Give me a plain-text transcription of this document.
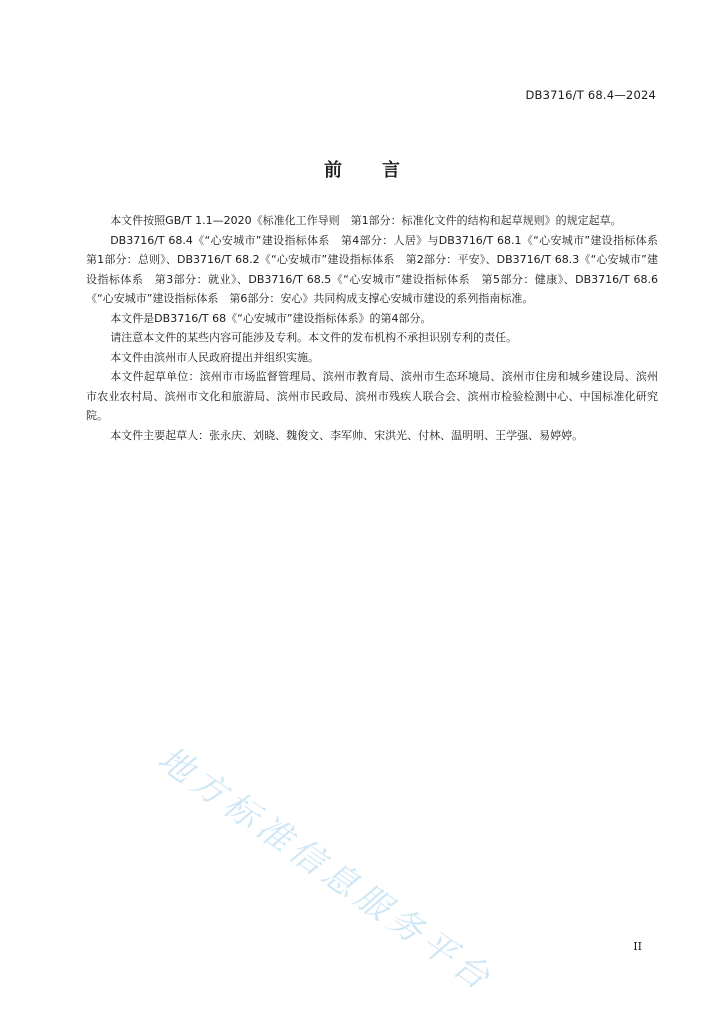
DB3716/T 68.4—2024
前言

本文件按照GB/T 1.1—2020《标准化工作导则　第1部分：标准化文件的结构和起草规则》的规定起草。

DB3716/T 68.4《“心安城市”建设指标体系　第4部分：人居》与DB3716/T 68.1《“心安城市”建设指标体系　第1部分：总则》、DB3716/T 68.2《“心安城市”建设指标体系　第2部分：平安》、DB3716/T 68.3《“心安城市”建设指标体系　第3部分：就业》、DB3716/T 68.5《“心安城市”建设指标体系　第5部分：健康》、DB3716/T 68.6《“心安城市”建设指标体系　第6部分：安心》共同构成支撑心安城市建设的系列指南标准。

本文件是DB3716/T 68《“心安城市”建设指标体系》的第4部分。

请注意本文件的某些内容可能涉及专利。本文件的发布机构不承担识别专利的责任。

本文件由滨州市人民政府提出并组织实施。

本文件起草单位：滨州市市场监督管理局、滨州市教育局、滨州市生态环境局、滨州市住房和城乡建设局、滨州市农业农村局、滨州市文化和旅游局、滨州市民政局、滨州市残疾人联合会、滨州市检验检测中心、中国标准化研究院。

本文件主要起草人：张永庆、刘晓、魏俊文、李军帅、宋洪光、付林、温明明、王学强、易婷婷。

地方标准信息服务平台	II
